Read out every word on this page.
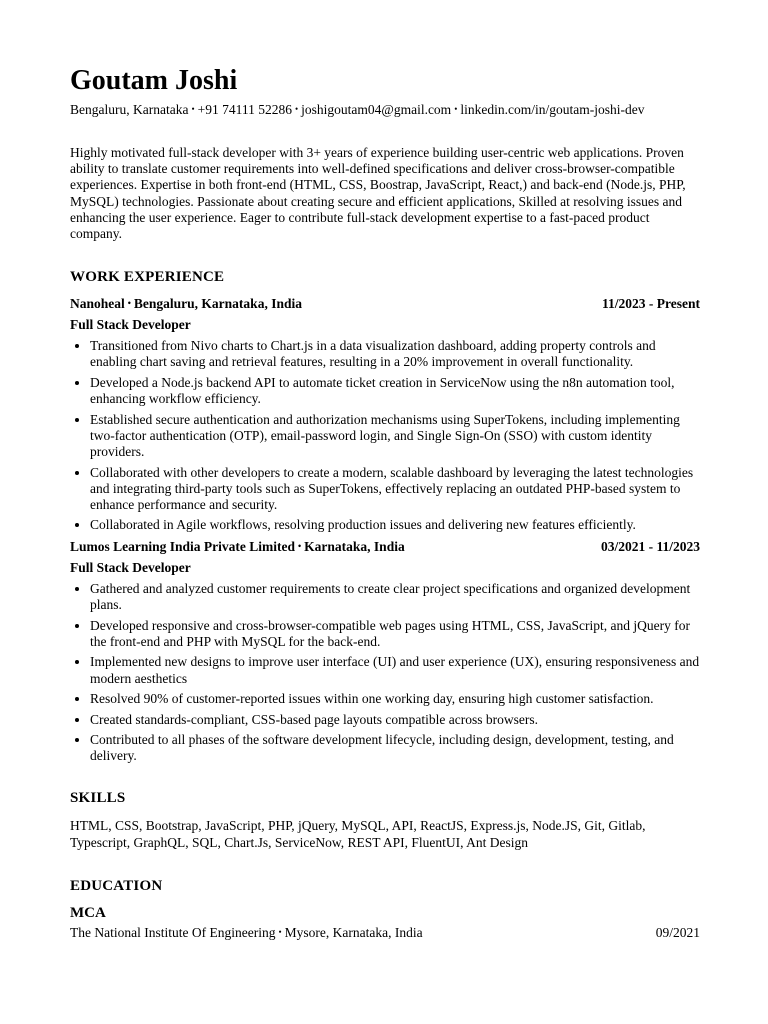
Goutam Joshi
Bengaluru, Karnataka • +91 74111 52286 • joshigoutam04@gmail.com • linkedin.com/in/goutam-joshi-dev

Highly motivated full-stack developer with 3+ years of experience building user-centric web applications. Proven ability to translate customer requirements into well-defined specifications and deliver cross-browser-compatible experiences. Expertise in both front-end (HTML, CSS, Boostrap, JavaScript, React,) and back-end (Node.js, PHP, MySQL) technologies. Passionate about creating secure and efficient applications, Skilled at resolving issues and enhancing the user experience. Eager to contribute full-stack development expertise to a fast-paced product company.

WORK EXPERIENCE
Nanoheal • Bengaluru, Karnataka, India	11/2023 - Present
Full Stack Developer
• Transitioned from Nivo charts to Chart.js in a data visualization dashboard, adding property controls and enabling chart saving and retrieval features, resulting in a 20% improvement in overall functionality.
• Developed a Node.js backend API to automate ticket creation in ServiceNow using the n8n automation tool, enhancing workflow efficiency.
• Established secure authentication and authorization mechanisms using SuperTokens, including implementing two-factor authentication (OTP), email-password login, and Single Sign-On (SSO) with custom identity providers.
• Collaborated with other developers to create a modern, scalable dashboard by leveraging the latest technologies and integrating third-party tools such as SuperTokens, effectively replacing an outdated PHP-based system to enhance performance and security.
• Collaborated in Agile workflows, resolving production issues and delivering new features efficiently.
Lumos Learning India Private Limited • Karnataka, India	03/2021 - 11/2023
Full Stack Developer
• Gathered and analyzed customer requirements to create clear project specifications and organized development plans.
• Developed responsive and cross-browser-compatible web pages using HTML, CSS, JavaScript, and jQuery for the front-end and PHP with MySQL for the back-end.
• Implemented new designs to improve user interface (UI) and user experience (UX), ensuring responsiveness and modern aesthetics
• Resolved 90% of customer-reported issues within one working day, ensuring high customer satisfaction.
• Created standards-compliant, CSS-based page layouts compatible across browsers.
• Contributed to all phases of the software development lifecycle, including design, development, testing, and delivery.
SKILLS
HTML, CSS, Bootstrap, JavaScript, PHP, jQuery, MySQL, API, ReactJS, Express.js, Node.JS, Git, Gitlab, Typescript, GraphQL, SQL, Chart.Js, ServiceNow, REST API, FluentUI, Ant Design
EDUCATION
MCA
The National Institute Of Engineering • Mysore, Karnataka, India	09/2021
